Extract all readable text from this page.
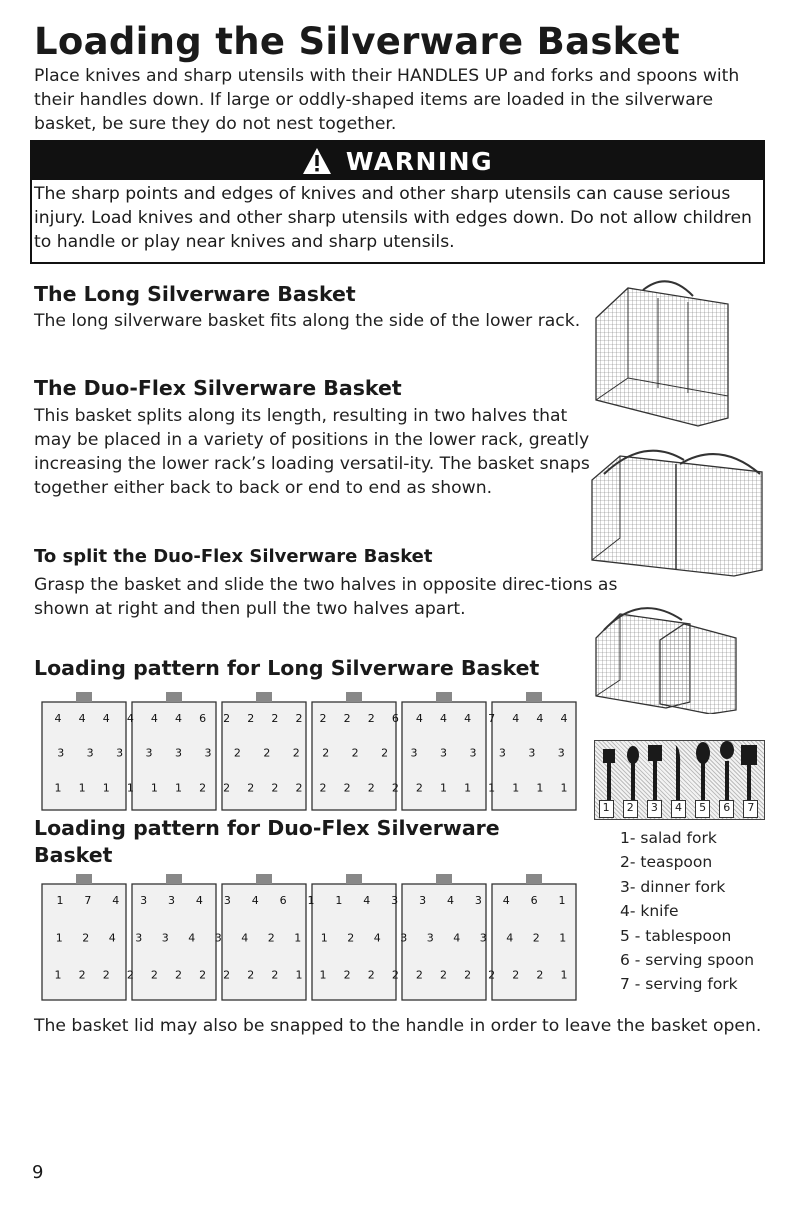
Loading the Silverware Basket

Place knives and sharp utensils with their HANDLES UP and forks and spoons with their handles down. If large or oddly-shaped items are loaded in the silverware basket, be sure they do not nest together.

WARNING

The sharp points and edges of knives and other sharp utensils can cause serious injury. Load knives and other sharp utensils with edges down. Do not allow children to handle or play near knives and sharp utensils.

The Long Silverware Basket

The long silverware basket fits along the side of the lower rack.

The Duo-Flex Silverware Basket

This basket splits along its length, resulting in two halves that may be placed in a variety of positions in the lower rack, greatly increasing the lower rack’s loading versatil-ity. The basket snaps together either back to back or end to end as shown.

To split the Duo-Flex Silverware Basket

Grasp the basket and slide the two halves in opposite direc-tions as shown at right and then pull the two halves apart.

Loading pattern for Long Silverware Basket
Loading pattern for Duo-Flex Silverware Basket
4 4 4 4 4 4 6 2 2 2 2 2 2 2 6 4 4 4 7 4 4 4
3 3 3 3 3 3 2 2 2 2 2 2 3 3 3 3 3 3
1 1 1 1 1 1 2 2 2 2 2 2 2 2 2 2 1 1 1 1 1 1
1 7 4 3 3 4 3 4 6 1 1 4 3 3 4 3 4 6 1
1 2 4 3 3 4 3 4 2 1 1 2 4 3 3 4 3 4 2 1
1 2 2 2 2 2 2 2 2 2 1 1 2 2 2 2 2 2 2 2 2 1
1	2	3	4	5	6	7
1- salad fork
2- teaspoon
3- dinner fork
4- knife
5 - tablespoon
6 - serving spoon
7 - serving fork

The basket lid may also be snapped to the handle in order to leave the basket open.

9
